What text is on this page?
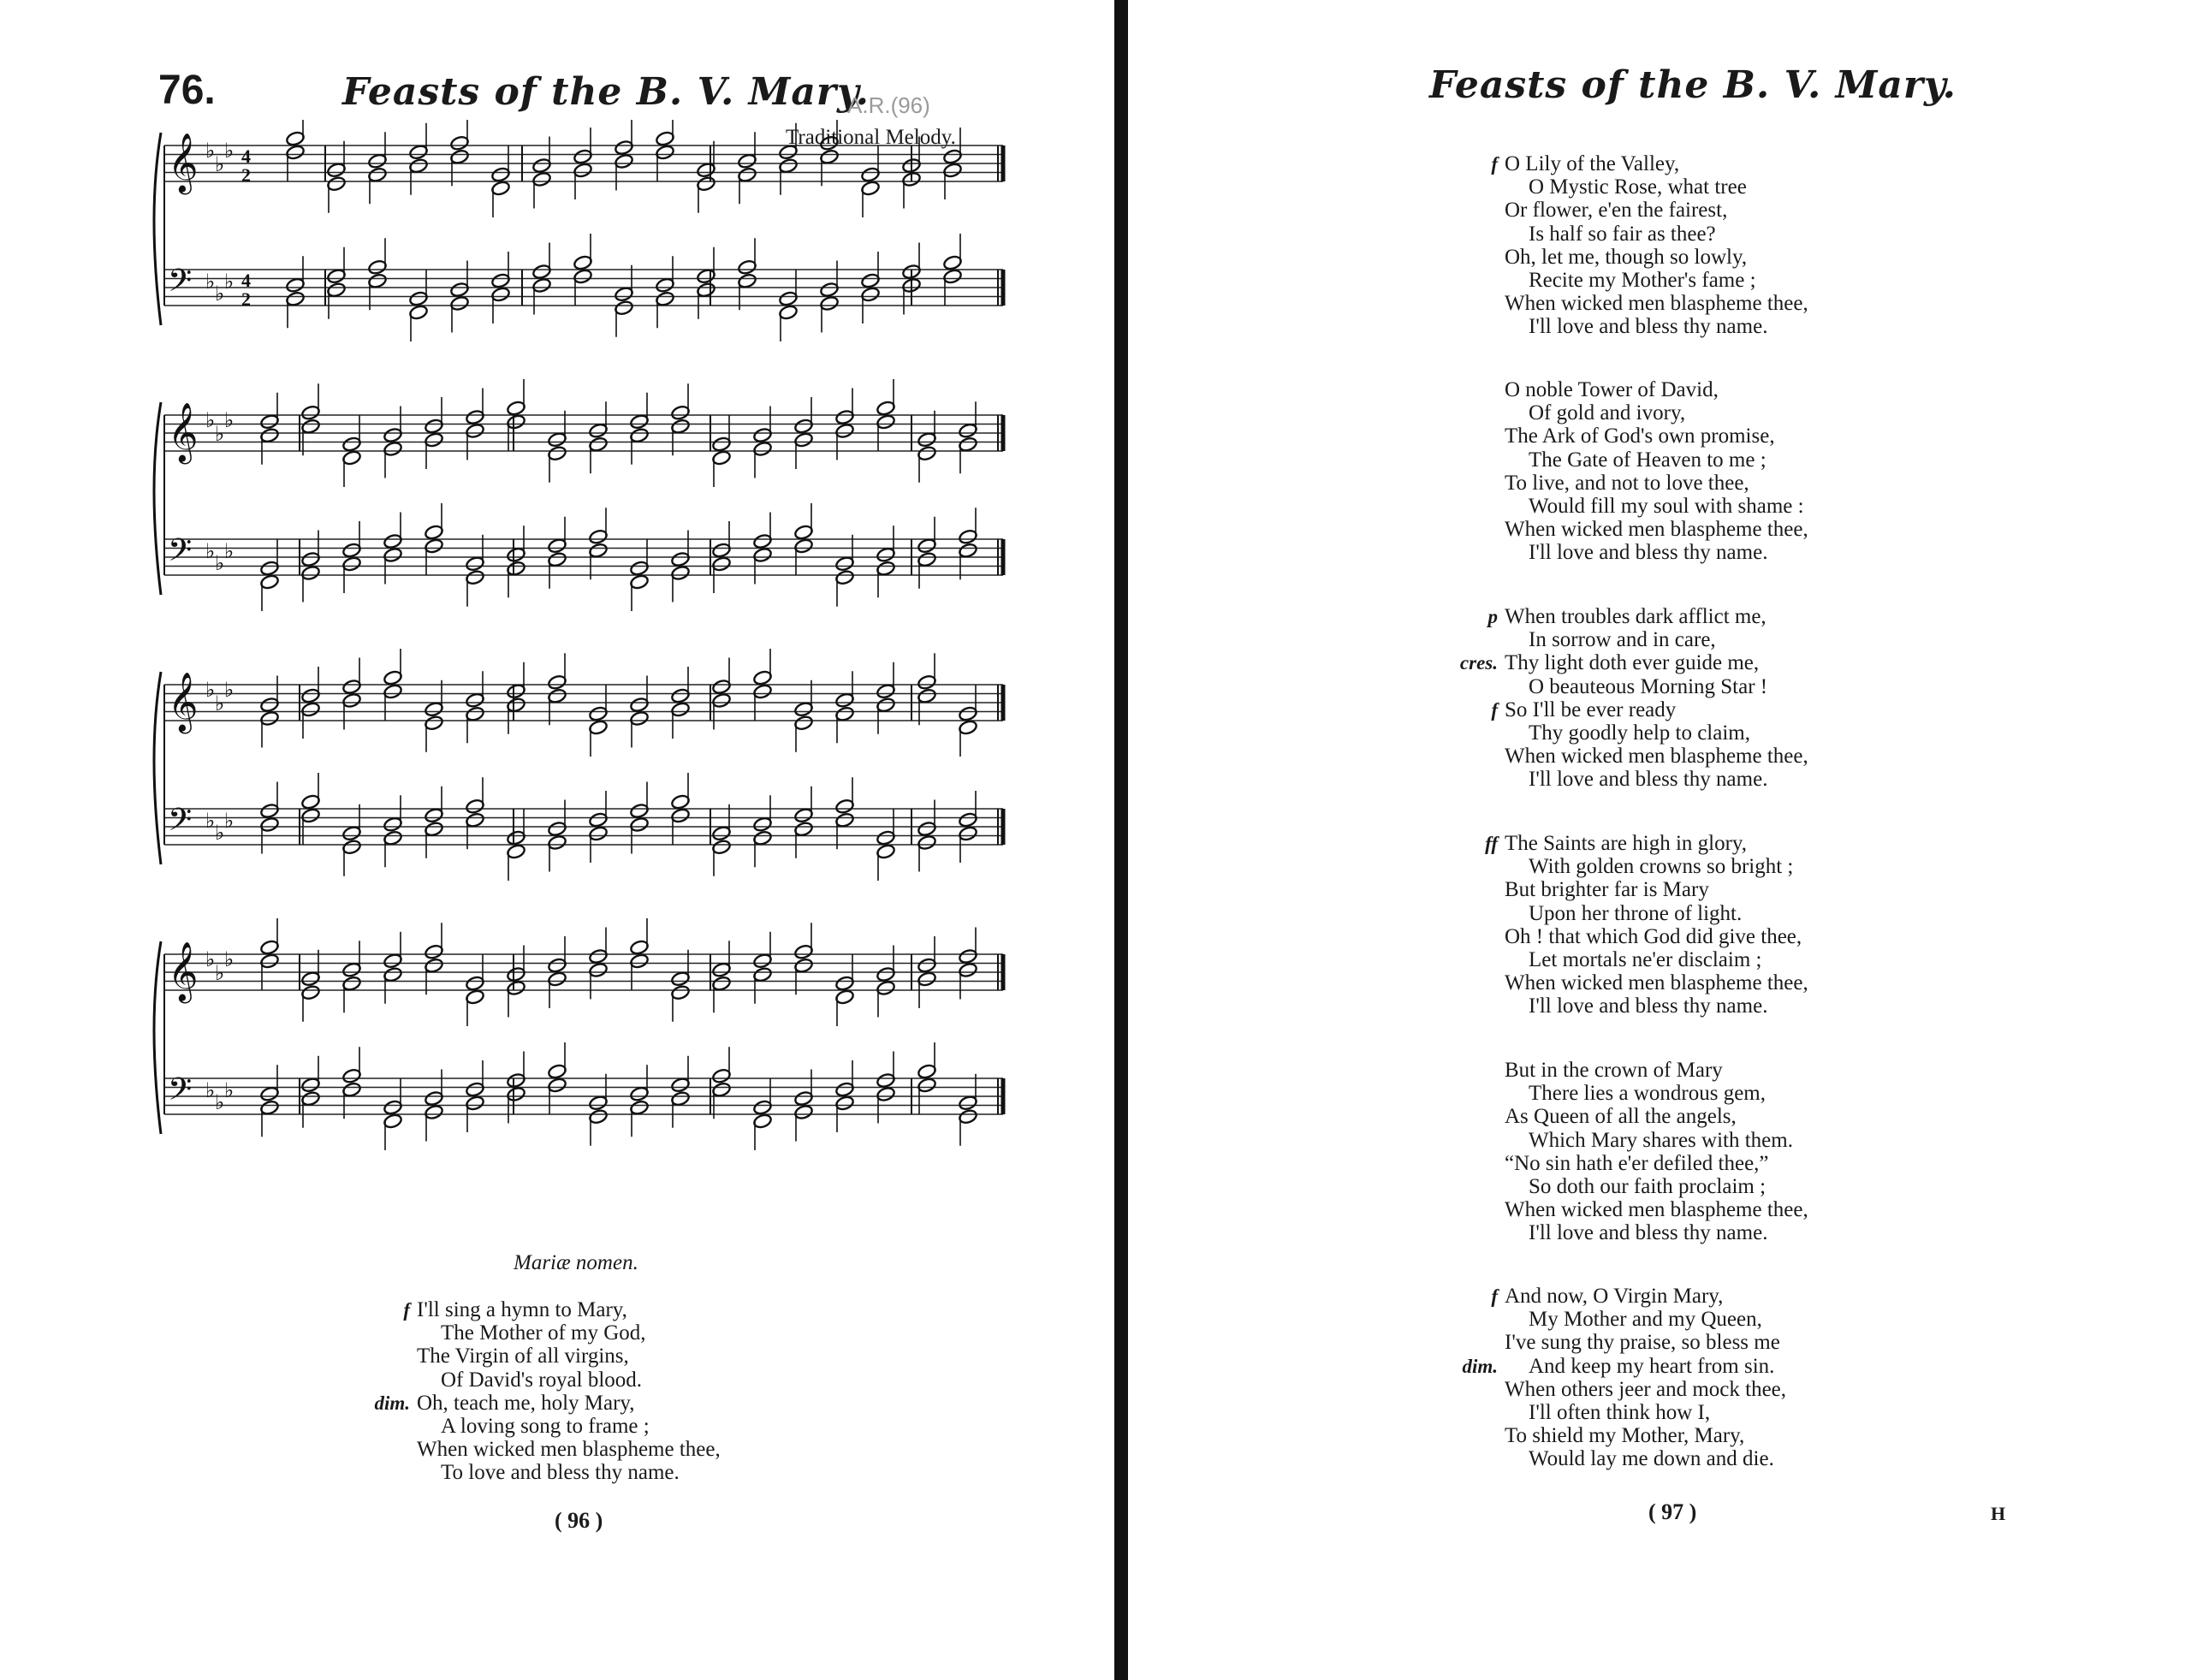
76.	Feasts of the B. V. Mary.
A.R.(96)
Traditional Melody.
𝄞 ♭
♭
♭ 4
2
𝄢 ♭ ♭ ♭ 4
2
𝄞 ♭
♭
♭
𝄢 ♭ ♭ ♭
𝄞 ♭
♭
♭
𝄢 ♭ ♭ ♭
𝄞 ♭
♭
♭
𝄢 ♭ ♭ ♭
Mariæ nomen.
f I'll sing a hymn to Mary,
The Mother of my God,
The Virgin of all virgins,
Of David's royal blood.
dim. Oh, teach me, holy Mary,
A loving song to frame ;
When wicked men blaspheme thee,
To love and bless thy name.
( 96 )
Feasts of the B. V. Mary.
f O Lily of the Valley,
O Mystic Rose, what tree
Or flower, e'en the fairest,
Is half so fair as thee?
Oh, let me, though so lowly,
Recite my Mother's fame ;
When wicked men blaspheme thee,
I'll love and bless thy name.
O noble Tower of David,
Of gold and ivory,
The Ark of God's own promise,
The Gate of Heaven to me ;
To live, and not to love thee,
Would fill my soul with shame :
When wicked men blaspheme thee,
I'll love and bless thy name.
p When troubles dark afflict me,
In sorrow and in care,
cres. Thy light doth ever guide me,
O beauteous Morning Star !
f So I'll be ever ready
Thy goodly help to claim,
When wicked men blaspheme thee,
I'll love and bless thy name.
ff The Saints are high in glory,
With golden crowns so bright ;
But brighter far is Mary
Upon her throne of light.
Oh ! that which God did give thee,
Let mortals ne'er disclaim ;
When wicked men blaspheme thee,
I'll love and bless thy name.
But in the crown of Mary
There lies a wondrous gem,
As Queen of all the angels,
Which Mary shares with them.
“No sin hath e'er defiled thee,”
So doth our faith proclaim ;
When wicked men blaspheme thee,
I'll love and bless thy name.
f And now, O Virgin Mary,
My Mother and my Queen,
I've sung thy praise, so bless me
dim. And keep my heart from sin.
When others jeer and mock thee,
I'll often think how I,
To shield my Mother, Mary,
Would lay me down and die.
( 97 )	H
